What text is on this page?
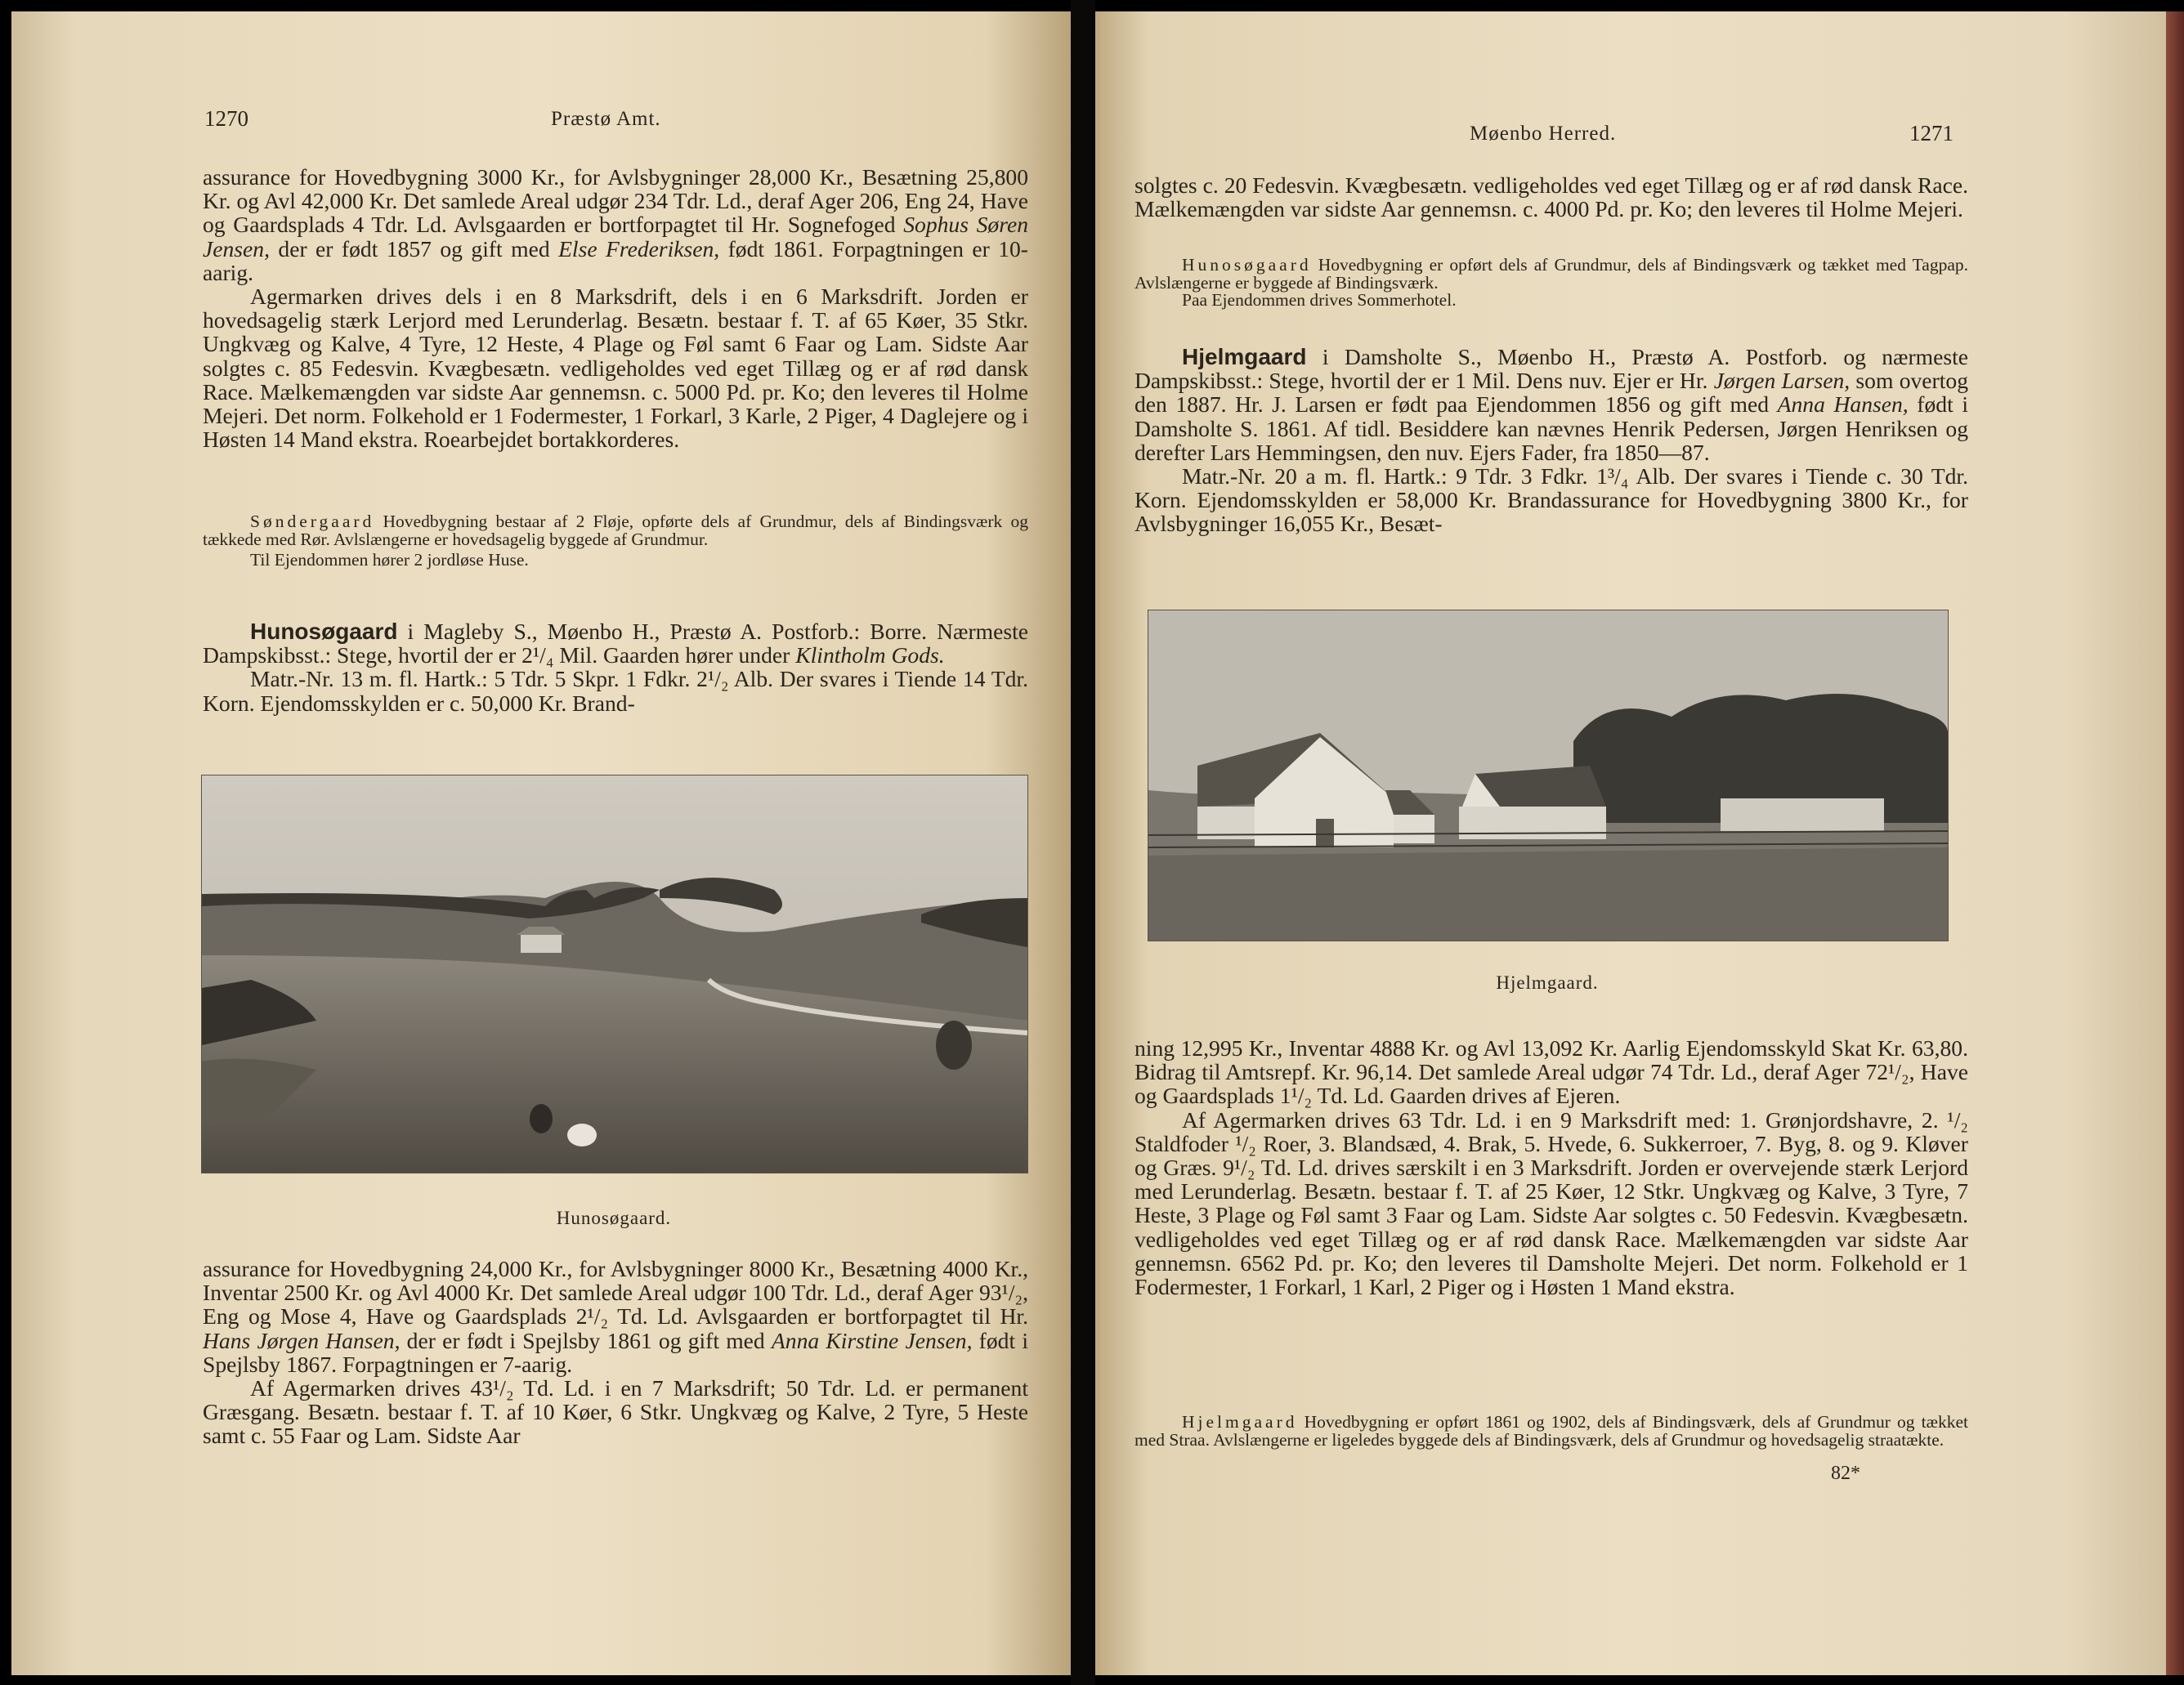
1270	Præstø Amt.

assurance for Hovedbygning 3000 Kr., for Avlsbygninger 28,000 Kr., Besætning 25,800 Kr. og Avl 42,000 Kr. Det samlede Areal udgør 234 Tdr. Ld., deraf Ager 206, Eng 24, Have og Gaardsplads 4 Tdr. Ld. Avlsgaarden er bortforpagtet til Hr. Sognefoged Sophus Søren Jensen, der er født 1857 og gift med Else Frederiksen, født 1861. Forpagtningen er 10-aarig.

Agermarken drives dels i en 8 Marksdrift, dels i en 6 Marksdrift. Jorden er hovedsagelig stærk Lerjord med Lerunderlag. Besætn. bestaar f. T. af 65 Køer, 35 Stkr. Ungkvæg og Kalve, 4 Tyre, 12 Heste, 4 Plage og Føl samt 6 Faar og Lam. Sidste Aar solgtes c. 85 Fedesvin. Kvægbesætn. vedligeholdes ved eget Tillæg og er af rød dansk Race. Mælkemængden var sidste Aar gennemsn. c. 5000 Pd. pr. Ko; den leveres til Holme Mejeri. Det norm. Folkehold er 1 Fodermester, 1 Forkarl, 3 Karle, 2 Piger, 4 Daglejere og i Høsten 14 Mand ekstra. Roearbejdet bortakkorderes.

Søndergaard Hovedbygning bestaar af 2 Fløje, opførte dels af Grundmur, dels af Bindingsværk og tækkede med Rør. Avlslængerne er hovedsagelig byggede af Grundmur.

Til Ejendommen hører 2 jordløse Huse.

Hunosøgaard i Magleby S., Møenbo H., Præstø A. Postforb.: Borre. Nærmeste Dampskibsst.: Stege, hvortil der er 2¹/₄ Mil. Gaarden hører under Klintholm Gods.

Matr.-Nr. 13 m. fl. Hartk.: 5 Tdr. 5 Skpr. 1 Fdkr. 2¹/₂ Alb. Der svares i Tiende 14 Tdr. Korn. Ejendomsskylden er c. 50,000 Kr. Brand-

Hunosøgaard.

assurance for Hovedbygning 24,000 Kr., for Avlsbygninger 8000 Kr., Besætning 4000 Kr., Inventar 2500 Kr. og Avl 4000 Kr. Det samlede Areal udgør 100 Tdr. Ld., deraf Ager 93¹/₂, Eng og Mose 4, Have og Gaardsplads 2¹/₂ Td. Ld. Avlsgaarden er bortforpagtet til Hr. Hans Jørgen Hansen, der er født i Spejlsby 1861 og gift med Anna Kirstine Jensen, født i Spejlsby 1867. Forpagtningen er 7-aarig.

Af Agermarken drives 43¹/₂ Td. Ld. i en 7 Marksdrift; 50 Tdr. Ld. er permanent Græsgang. Besætn. bestaar f. T. af 10 Køer, 6 Stkr. Ungkvæg og Kalve, 2 Tyre, 5 Heste samt c. 55 Faar og Lam. Sidste Aar

Møenbo Herred.	1271

solgtes c. 20 Fedesvin. Kvægbesætn. vedligeholdes ved eget Tillæg og er af rød dansk Race. Mælkemængden var sidste Aar gennemsn. c. 4000 Pd. pr. Ko; den leveres til Holme Mejeri.

Hunosøgaard Hovedbygning er opført dels af Grundmur, dels af Bindingsværk og tækket med Tagpap. Avlslængerne er byggede af Bindingsværk.

Paa Ejendommen drives Sommerhotel.

Hjelmgaard i Damsholte S., Møenbo H., Præstø A. Postforb. og nærmeste Dampskibsst.: Stege, hvortil der er 1 Mil. Dens nuv. Ejer er Hr. Jørgen Larsen, som overtog den 1887. Hr. J. Larsen er født paa Ejendommen 1856 og gift med Anna Hansen, født i Damsholte S. 1861. Af tidl. Besiddere kan nævnes Henrik Pedersen, Jørgen Henriksen og derefter Lars Hemmingsen, den nuv. Ejers Fader, fra 1850—87.

Matr.-Nr. 20 a m. fl. Hartk.: 9 Tdr. 3 Fdkr. 1³/₄ Alb. Der svares i Tiende c. 30 Tdr. Korn. Ejendomsskylden er 58,000 Kr. Brandassurance for Hovedbygning 3800 Kr., for Avlsbygninger 16,055 Kr., Besæt-

Hjelmgaard.

ning 12,995 Kr., Inventar 4888 Kr. og Avl 13,092 Kr. Aarlig Ejendomsskyld Skat Kr. 63,80. Bidrag til Amtsrepf. Kr. 96,14. Det samlede Areal udgør 74 Tdr. Ld., deraf Ager 72¹/₂, Have og Gaardsplads 1¹/₂ Td. Ld. Gaarden drives af Ejeren.

Af Agermarken drives 63 Tdr. Ld. i en 9 Marksdrift med: 1. Grønjordshavre, 2. ¹/₂ Staldfoder ¹/₂ Roer, 3. Blandsæd, 4. Brak, 5. Hvede, 6. Sukkerroer, 7. Byg, 8. og 9. Kløver og Græs. 9¹/₂ Td. Ld. drives særskilt i en 3 Marksdrift. Jorden er overvejende stærk Lerjord med Lerunderlag. Besætn. bestaar f. T. af 25 Køer, 12 Stkr. Ungkvæg og Kalve, 3 Tyre, 7 Heste, 3 Plage og Føl samt 3 Faar og Lam. Sidste Aar solgtes c. 50 Fedesvin. Kvægbesætn. vedligeholdes ved eget Tillæg og er af rød dansk Race. Mælkemængden var sidste Aar gennemsn. 6562 Pd. pr. Ko; den leveres til Damsholte Mejeri. Det norm. Folkehold er 1 Fodermester, 1 Forkarl, 1 Karl, 2 Piger og i Høsten 1 Mand ekstra.

Hjelmgaard Hovedbygning er opført 1861 og 1902, dels af Bindingsværk, dels af Grundmur og tækket med Straa. Avlslængerne er ligeledes byggede dels af Bindingsværk, dels af Grundmur og hovedsagelig straatækte.

82*
